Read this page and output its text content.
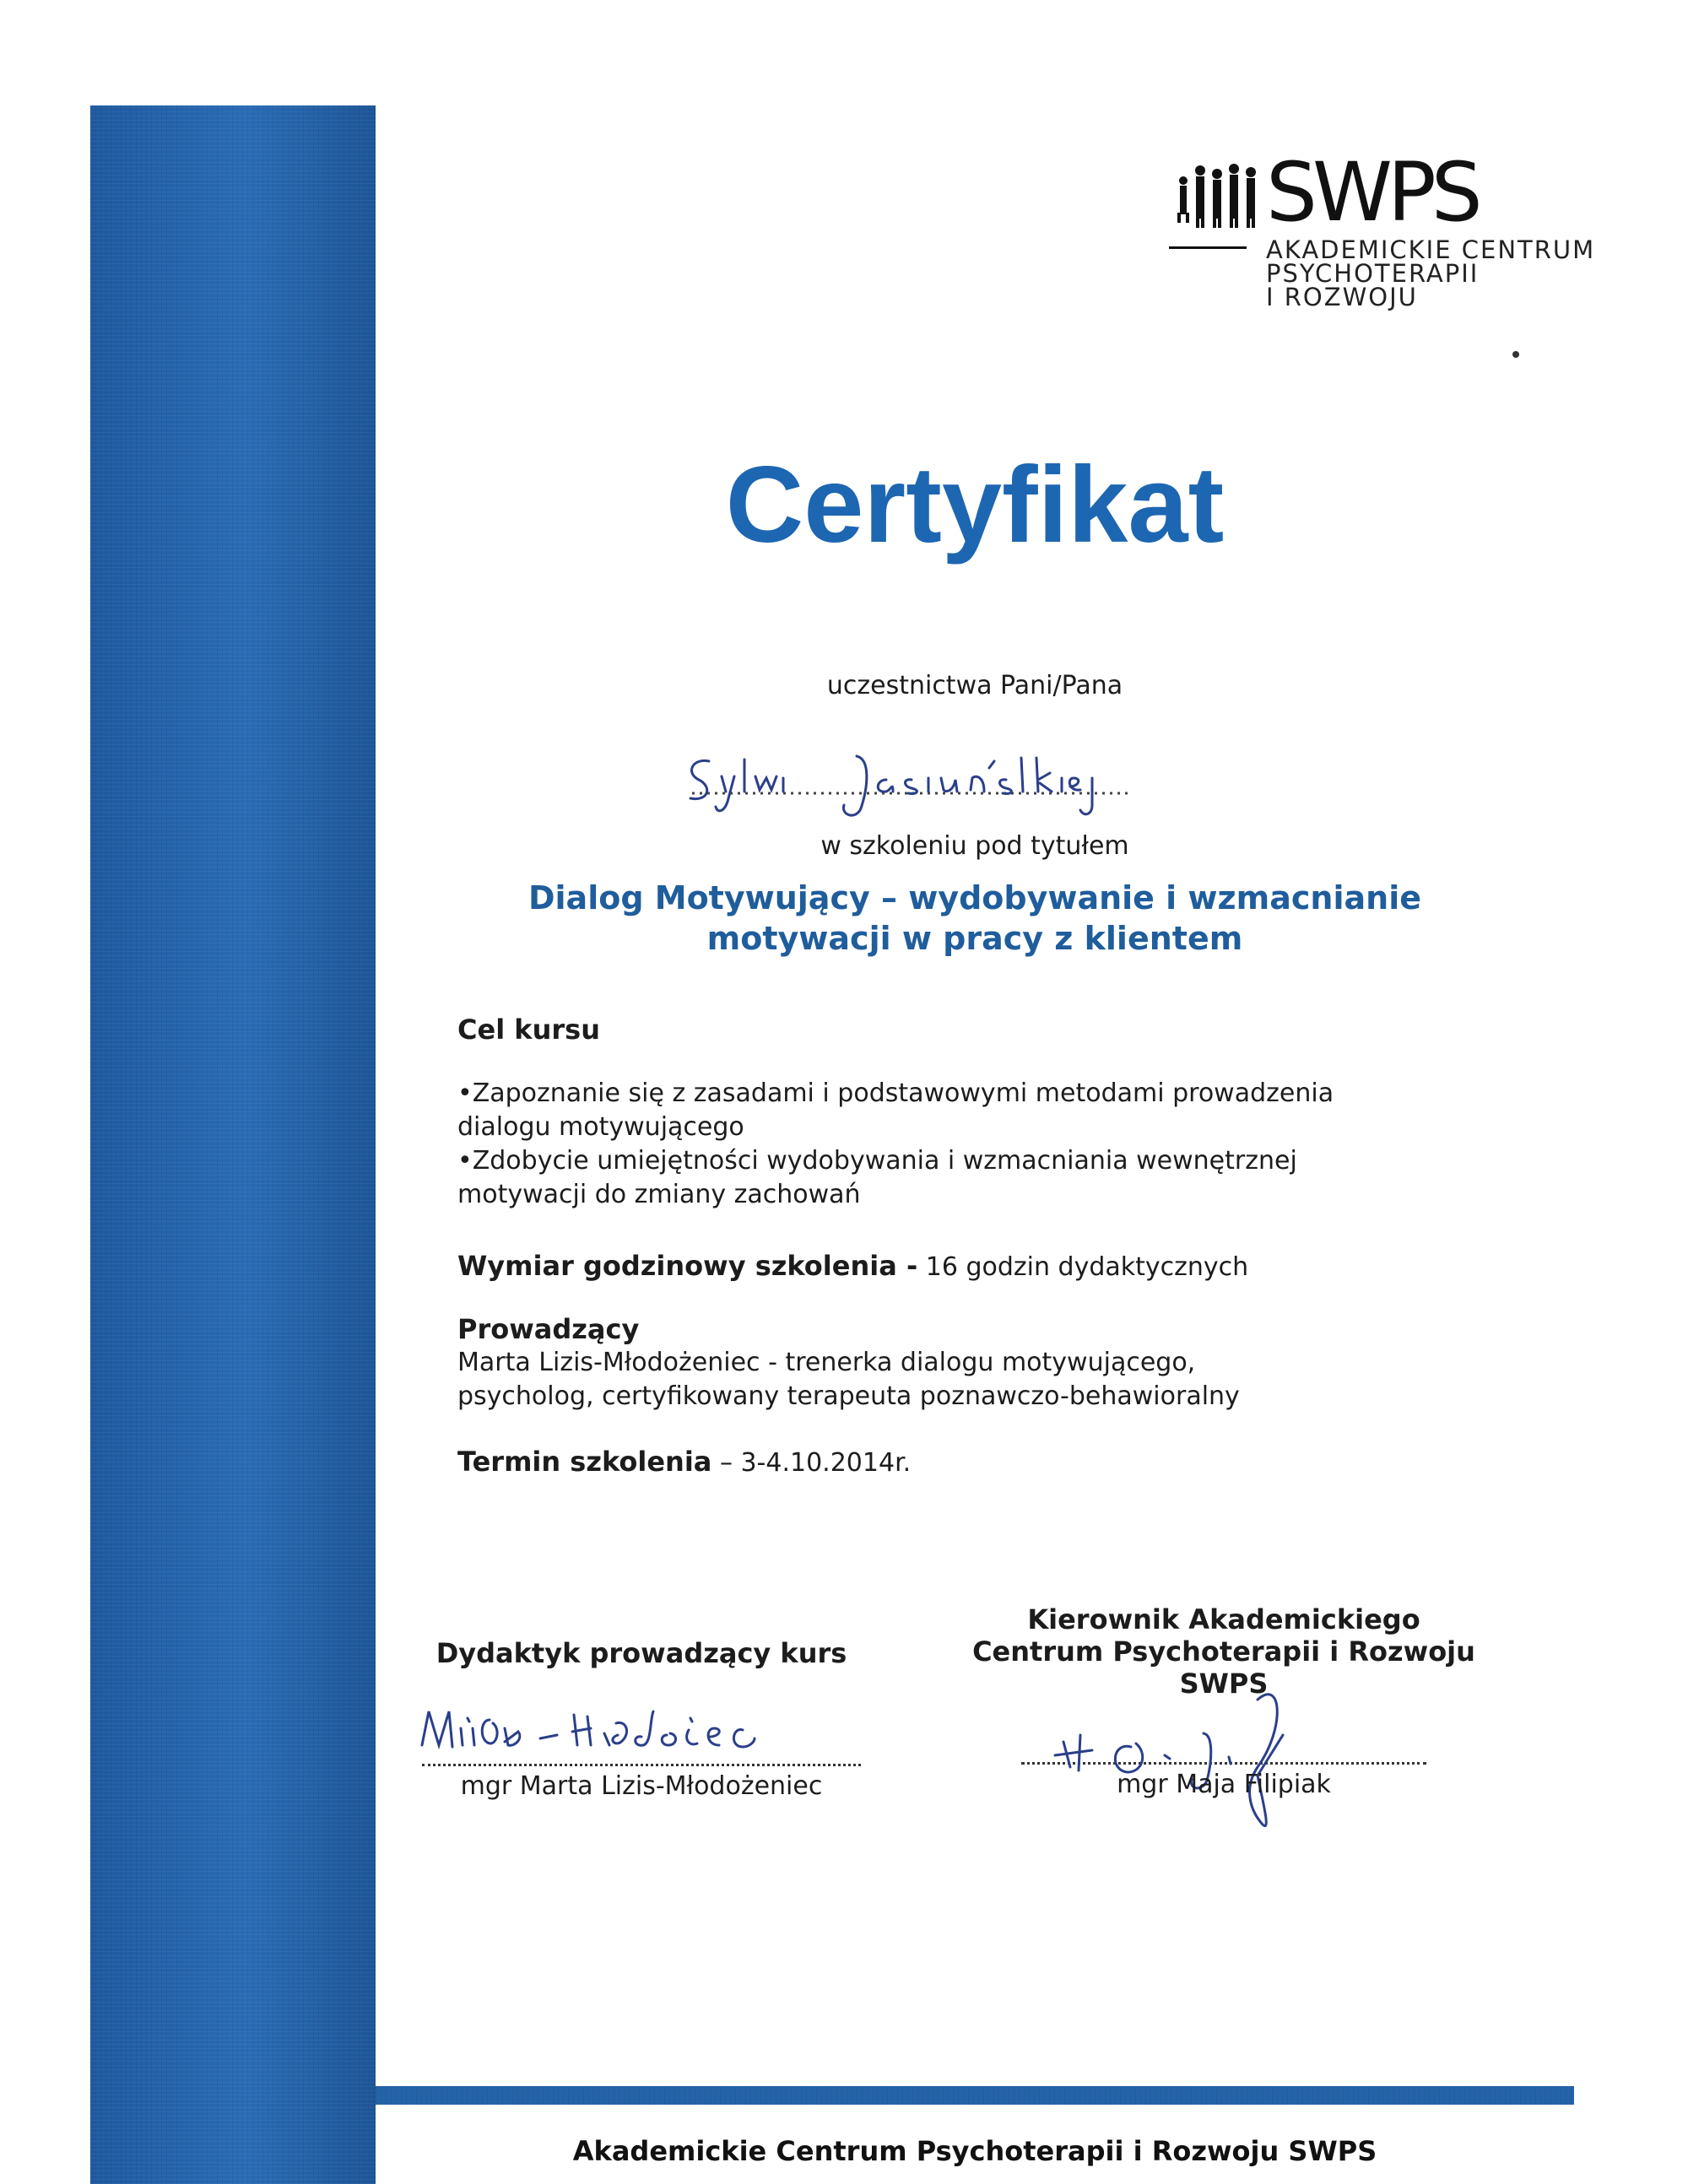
SWPS
AKADEMICKIE CENTRUM
PSYCHOTERAPII
I ROZWOJU
Certyfikat
uczestnictwa Pani/Pana
Sylwii Jasińskiej
w szkoleniu pod tytułem
Dialog Motywujący – wydobywanie i wzmacnianie
motywacji w pracy z klientem
Cel kursu
•Zapoznanie się z zasadami i podstawowymi metodami prowadzenia dialogu motywującego
•Zdobycie umiejętności wydobywania i wzmacniania wewnętrznej motywacji do zmiany zachowań
Wymiar godzinowy szkolenia - 16 godzin dydaktycznych
Prowadzący
Marta Lizis-Młodożeniec - trenerka dialogu motywującego,
psycholog, certyfikowany terapeuta poznawczo-behawioralny
Termin szkolenia – 3-4.10.2014r.
Dydaktyk prowadzący kurs
mgr Marta Lizis-Młodożeniec
Kierownik Akademickiego
Centrum Psychoterapii i Rozwoju
SWPS
mgr Maja Filipiak
Akademickie Centrum Psychoterapii i Rozwoju SWPS
